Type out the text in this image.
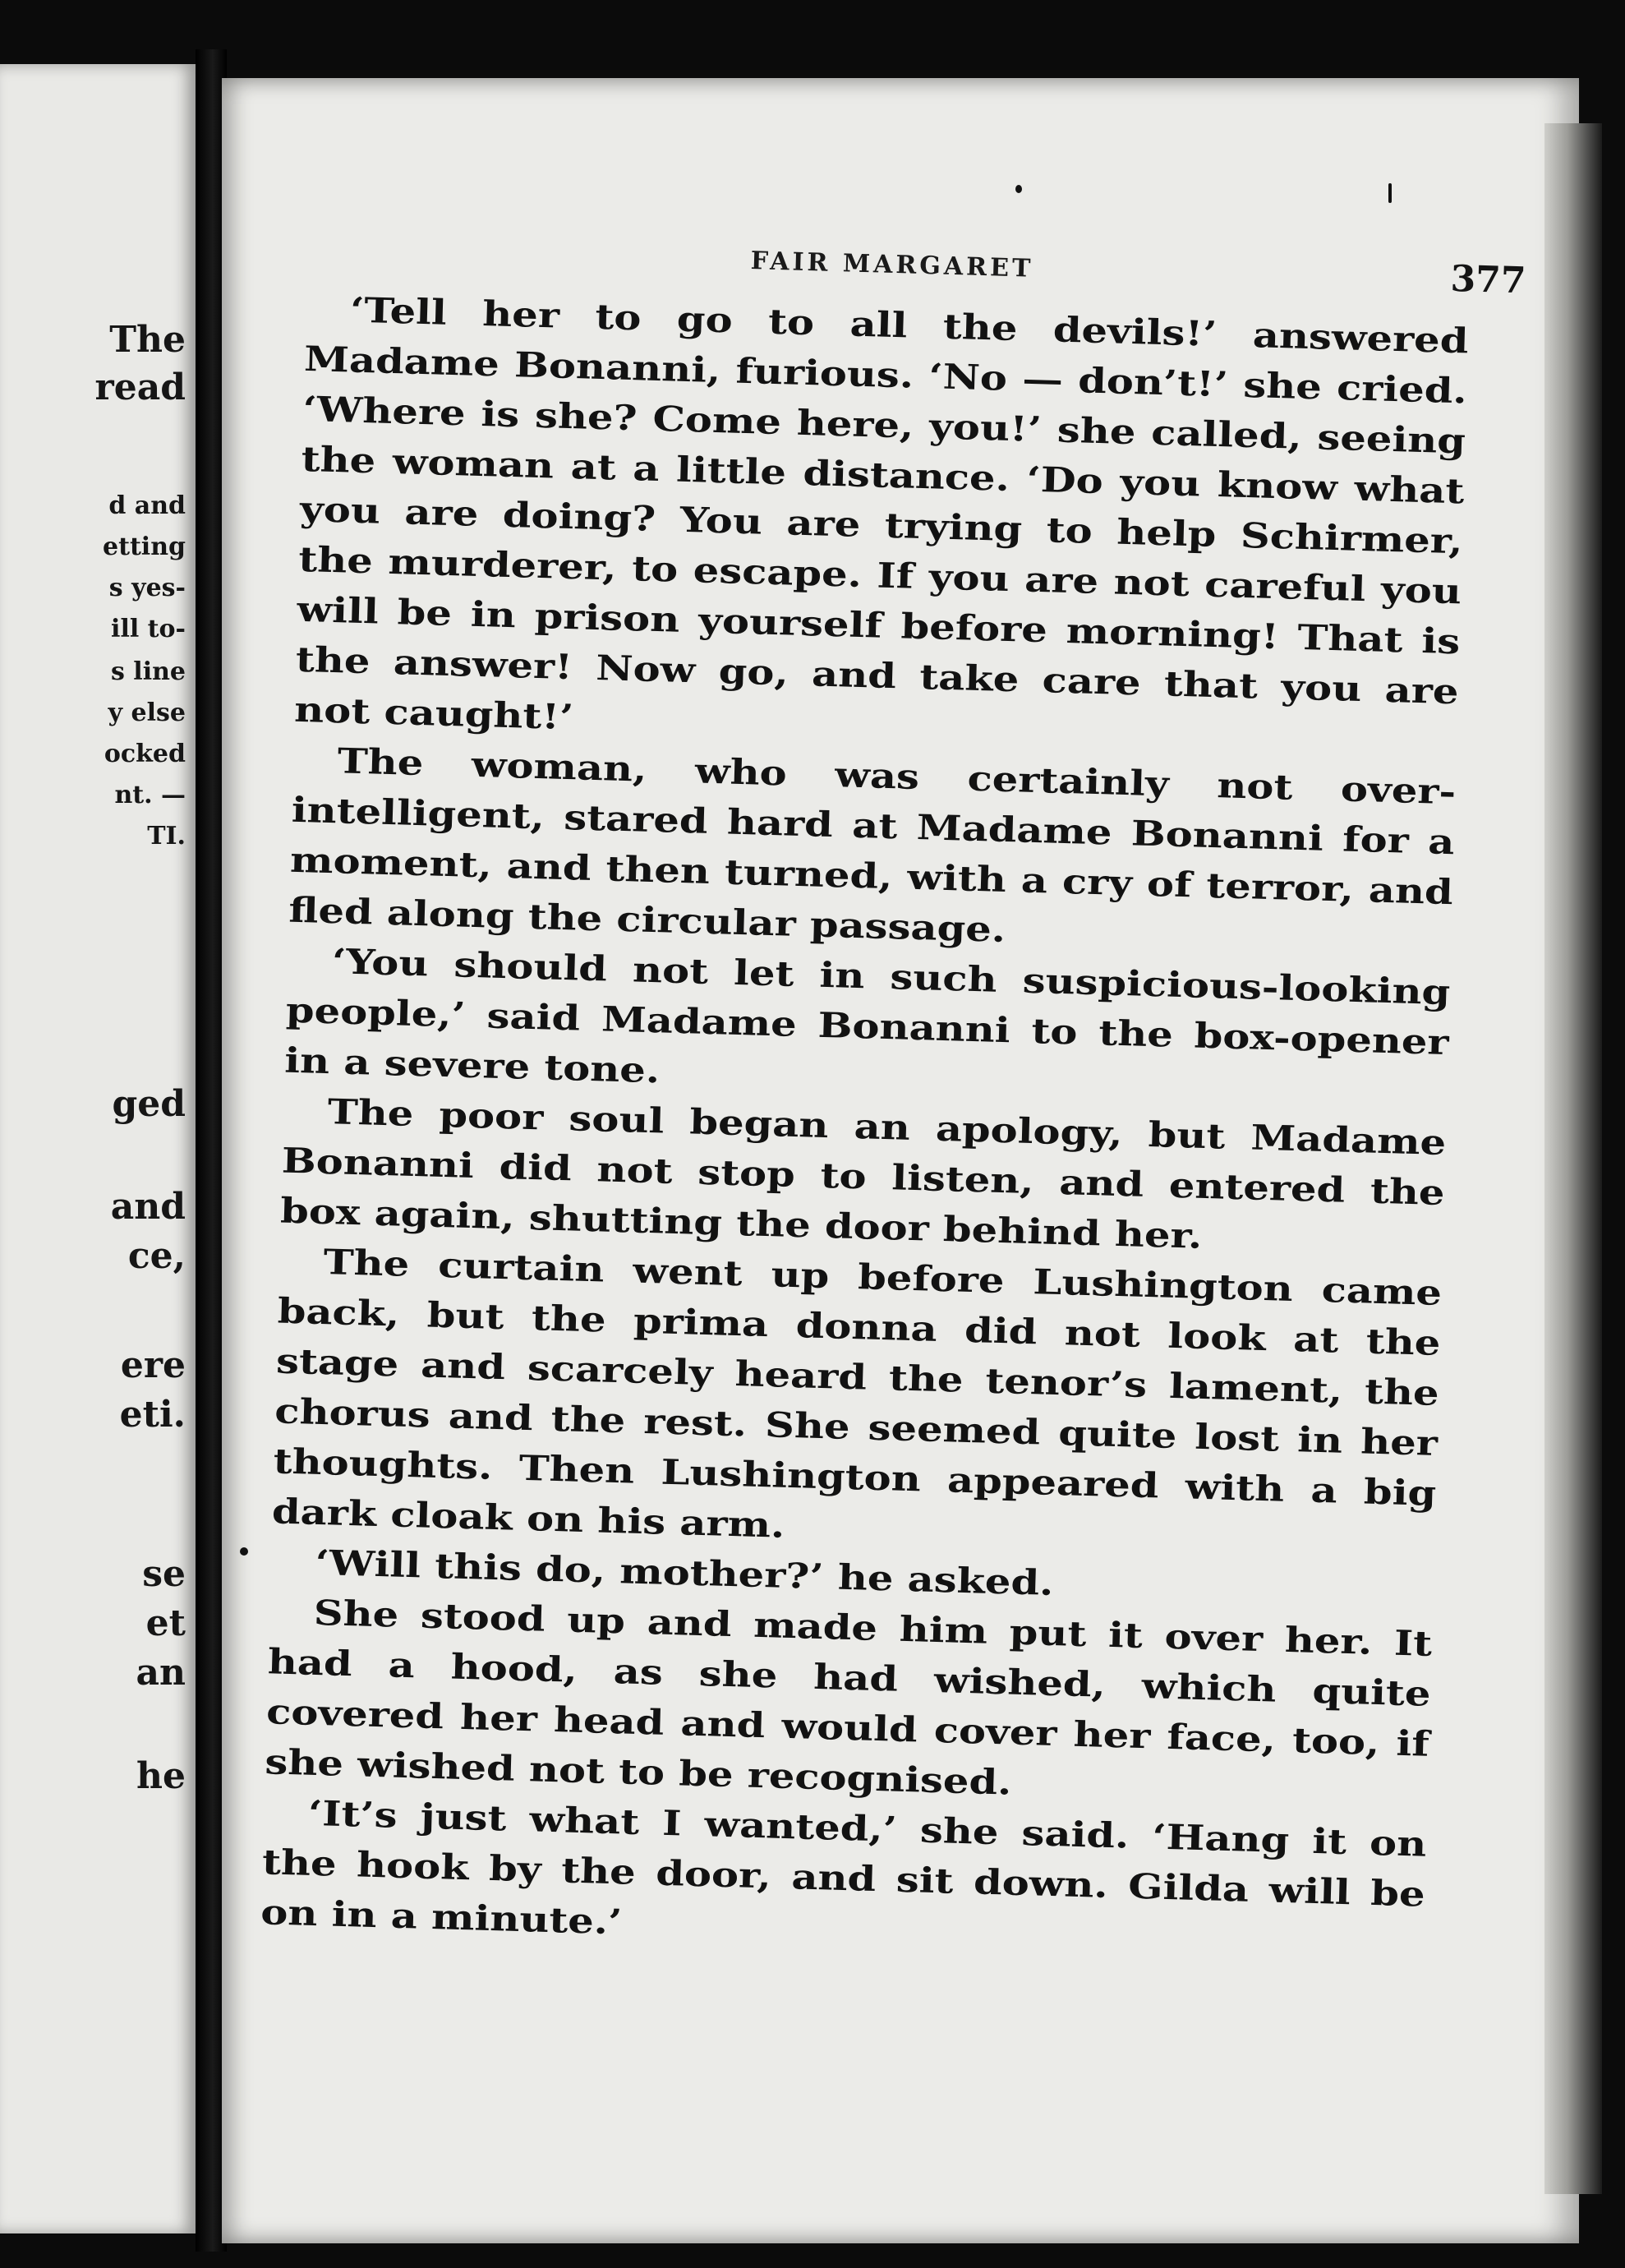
The
read
d and
etting
s yes-
ill to-
s line
y else
ocked
nt. —
TI.
ged
and
ce,
ere
eti.
se
et
an
he
FAIR MARGARET	377

‘Tell her to go to all the devils!’ answered Madame Bonanni, furious. ‘No — don’t!’ she cried. ‘Where is she? Come here, you!’ she called, seeing the woman at a little distance. ‘Do you know what you are doing? You are trying to help Schirmer, the murderer, to escape. If you are not careful you will be in prison yourself before morning! That is the answer! Now go, and take care that you are not caught!’

The woman, who was certainly not over-intelligent, stared hard at Madame Bonanni for a moment, and then turned, with a cry of terror, and fled along the circular passage.

‘You should not let in such suspicious-looking people,’ said Madame Bonanni to the box-opener in a severe tone.

The poor soul began an apology, but Madame Bonanni did not stop to listen, and entered the box again, shutting the door behind her.

The curtain went up before Lushington came back, but the prima donna did not look at the stage and scarcely heard the tenor’s lament, the chorus and the rest. She seemed quite lost in her thoughts. Then Lushington appeared with a big dark cloak on his arm.

‘Will this do, mother?’ he asked.

She stood up and made him put it over her. It had a hood, as she had wished, which quite covered her head and would cover her face, too, if she wished not to be recognised.

‘It’s just what I wanted,’ she said. ‘Hang it on the hook by the door, and sit down. Gilda will be on in a minute.’
